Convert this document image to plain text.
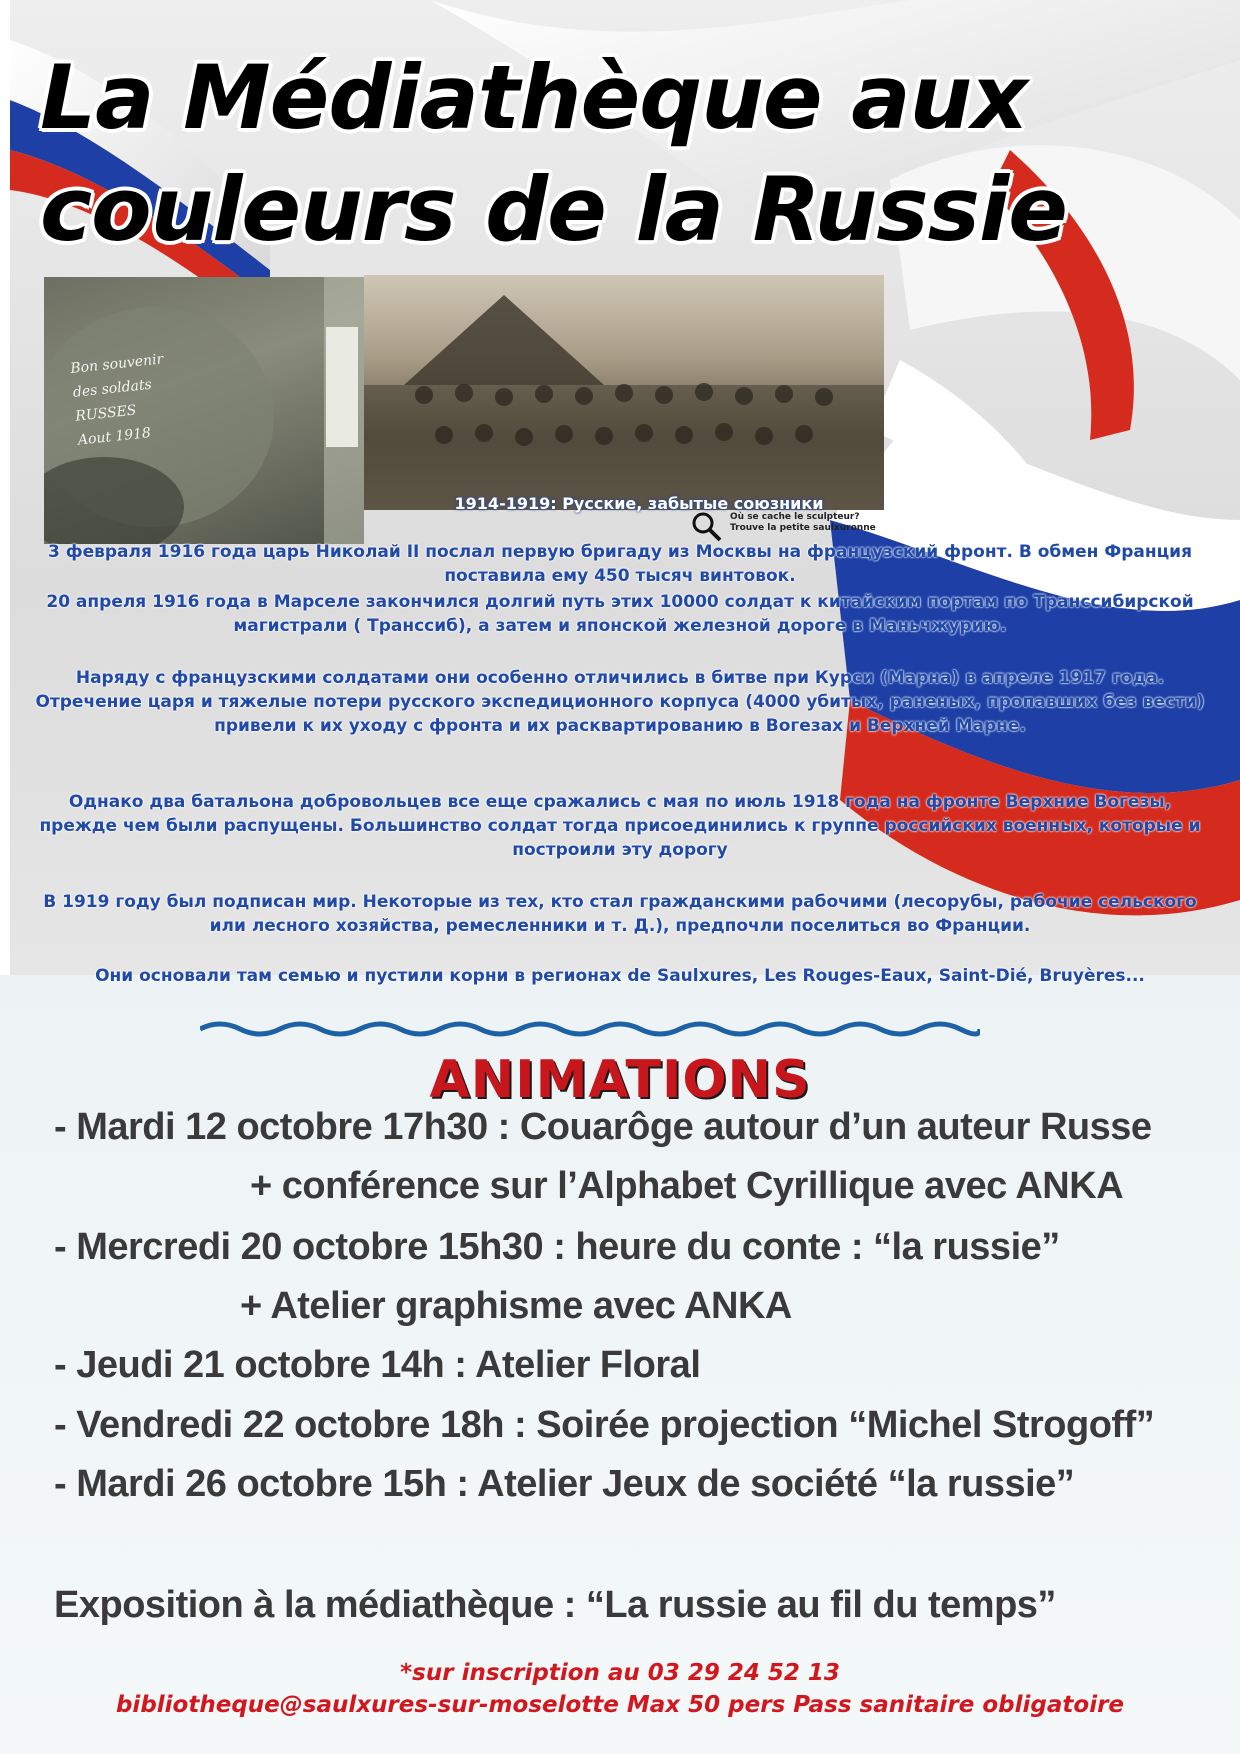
La Médiathèque aux
couleurs de la Russie
Bon souvenir
des soldats
RUSSES
Aout 1918
1914-1919: Русские, забытые союзники
Où se cache le sculpteur?
Trouve la petite saulxuronne
3 февраля 1916 года царь Николай II послал первую бригаду из Москвы на французский фронт. В обмен Франция поставила ему 450 тысяч винтовок.
20 апреля 1916 года в Марселе закончился долгий путь этих 10000 солдат к китайским портам по Транссибирской магистрали ( Транссиб), а затем и японской железной дороге в Маньчжурию.
Наряду с французскими солдатами они особенно отличились в битве при Курси (Марна) в апреле 1917 года. Отречение царя и тяжелые потери русского экспедиционного корпуса (4000 убитых, раненых, пропавших без вести) привели к их уходу с фронта и их расквартированию в Вогезах и Верхней Марне.
Однако два батальона добровольцев все еще сражались с мая по июль 1918 года на фронте Верхние Вогезы, прежде чем были распущены. Большинство солдат тогда присоединились к группе российских военных, которые и построили эту дорогу
В 1919 году был подписан мир. Некоторые из тех, кто стал гражданскими рабочими (лесорубы, рабочие сельского или лесного хозяйства, ремесленники и т. Д.), предпочли поселиться во Франции.
Они основали там семью и пустили корни в регионах de Saulxures, Les Rouges-Eaux, Saint-Dié, Bruyères...
ANIMATIONS
- Mardi 12 octobre 17h30 : Couarôge autour d’un auteur Russe
+ conférence sur l’Alphabet Cyrillique avec ANKA
- Mercredi 20 octobre 15h30 : heure du conte : “la russie”
+ Atelier graphisme avec ANKA
- Jeudi 21 octobre 14h : Atelier Floral
- Vendredi 22 octobre 18h : Soirée projection “Michel Strogoff”
- Mardi 26 octobre 15h : Atelier Jeux de société “la russie”
Exposition à la médiathèque : “La russie au fil du temps”
*sur inscription au 03 29 24 52 13
bibliotheque@saulxures-sur-moselotte Max 50 pers Pass sanitaire obligatoire
